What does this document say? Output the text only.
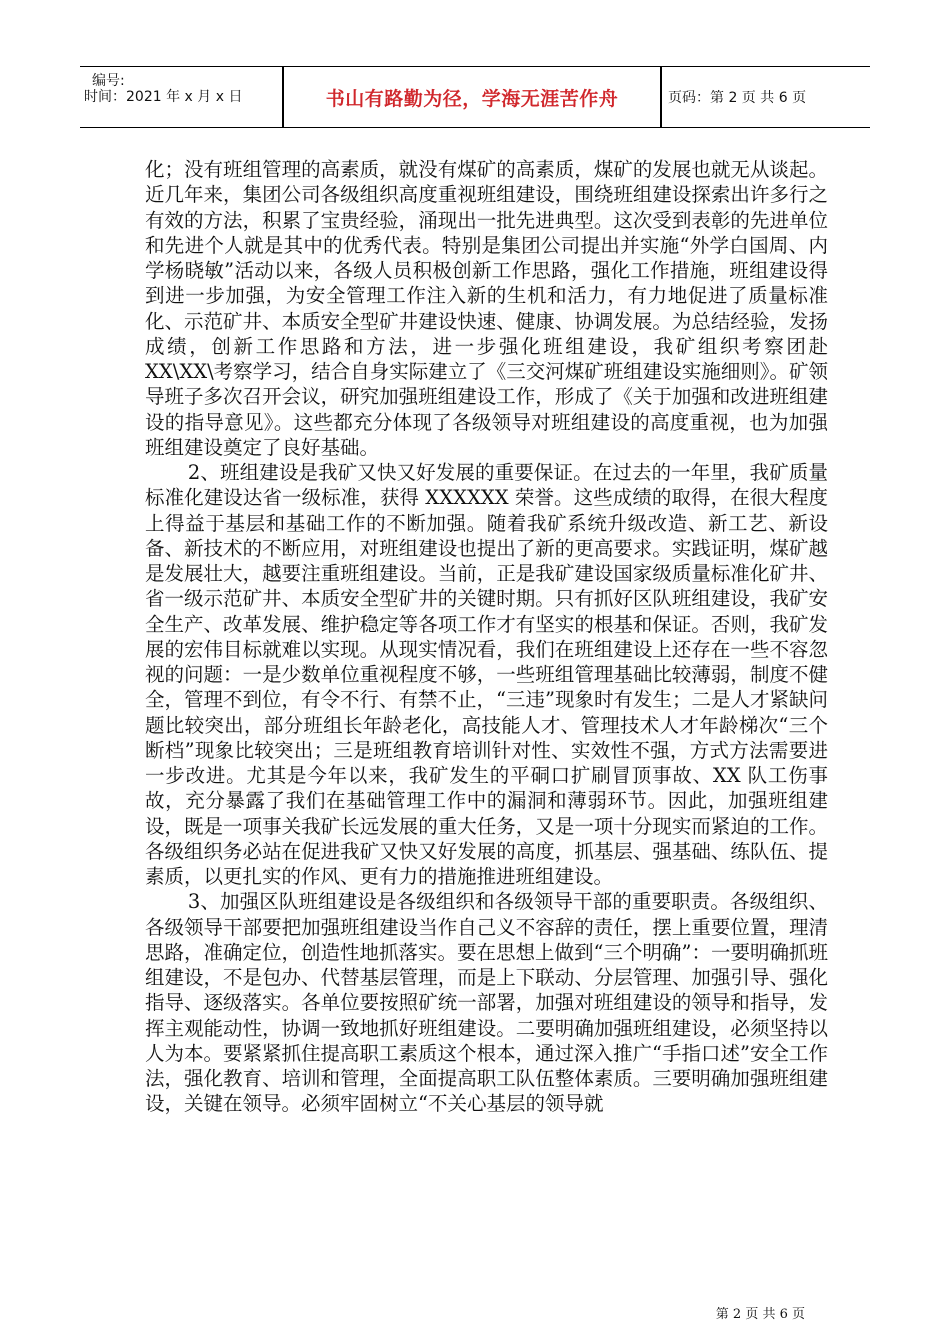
编号:
时间：2021 年 x 月 x 日	书山有路勤为径，学海无涯苦作舟	页码：第 2 页 共 6 页

化；没有班组管理的高素质，就没有煤矿的高素质，煤矿的发展也就无从谈起。近几年来，集团公司各级组织高度重视班组建设，围绕班组建设探索出许多行之有效的方法，积累了宝贵经验，涌现出一批先进典型。这次受到表彰的先进单位和先进个人就是其中的优秀代表。特别是集团公司提出并实施“外学白国周、内学杨晓敏”活动以来，各级人员积极创新工作思路，强化工作措施，班组建设得到进一步加强，为安全管理工作注入新的生机和活力，有力地促进了质量标准化、示范矿井、本质安全型矿井建设快速、健康、协调发展。为总结经验，发扬成绩，创新工作思路和方法，进一步强化班组建设，我矿组织考察团赴 XX\XX\考察学习，结合自身实际建立了《三交河煤矿班组建设实施细则》。矿领导班子多次召开会议，研究加强班组建设工作，形成了《关于加强和改进班组建设的指导意见》。这些都充分体现了各级领导对班组建设的高度重视，也为加强班组建设奠定了良好基础。

2、班组建设是我矿又快又好发展的重要保证。在过去的一年里，我矿质量标准化建设达省一级标准，获得 XXXXXX 荣誉。这些成绩的取得，在很大程度上得益于基层和基础工作的不断加强。随着我矿系统升级改造、新工艺、新设备、新技术的不断应用，对班组建设也提出了新的更高要求。实践证明，煤矿越是发展壮大，越要注重班组建设。当前，正是我矿建设国家级质量标准化矿井、省一级示范矿井、本质安全型矿井的关键时期。只有抓好区队班组建设，我矿安全生产、改革发展、维护稳定等各项工作才有坚实的根基和保证。否则，我矿发展的宏伟目标就难以实现。从现实情况看，我们在班组建设上还存在一些不容忽视的问题：一是少数单位重视程度不够，一些班组管理基础比较薄弱，制度不健全，管理不到位，有令不行、有禁不止，“三违”现象时有发生；二是人才紧缺问题比较突出，部分班组长年龄老化，高技能人才、管理技术人才年龄梯次“三个断档”现象比较突出；三是班组教育培训针对性、实效性不强，方式方法需要进一步改进。尤其是今年以来，我矿发生的平硐口扩刷冒顶事故、XX 队工伤事故，充分暴露了我们在基础管理工作中的漏洞和薄弱环节。因此，加强班组建设，既是一项事关我矿长远发展的重大任务，又是一项十分现实而紧迫的工作。各级组织务必站在促进我矿又快又好发展的高度，抓基层、强基础、练队伍、提素质，以更扎实的作风、更有力的措施推进班组建设。

3、加强区队班组建设是各级组织和各级领导干部的重要职责。各级组织、各级领导干部要把加强班组建设当作自己义不容辞的责任，摆上重要位置，理清思路，准确定位，创造性地抓落实。要在思想上做到“三个明确”：一要明确抓班组建设，不是包办、代替基层管理，而是上下联动、分层管理、加强引导、强化指导、逐级落实。各单位要按照矿统一部署，加强对班组建设的领导和指导，发挥主观能动性，协调一致地抓好班组建设。二要明确加强班组建设，必须坚持以人为本。要紧紧抓住提高职工素质这个根本，通过深入推广“手指口述”安全工作法，强化教育、培训和管理，全面提高职工队伍整体素质。三要明确加强班组建设，关键在领导。必须牢固树立“不关心基层的领导就

第 2 页 共 6 页
